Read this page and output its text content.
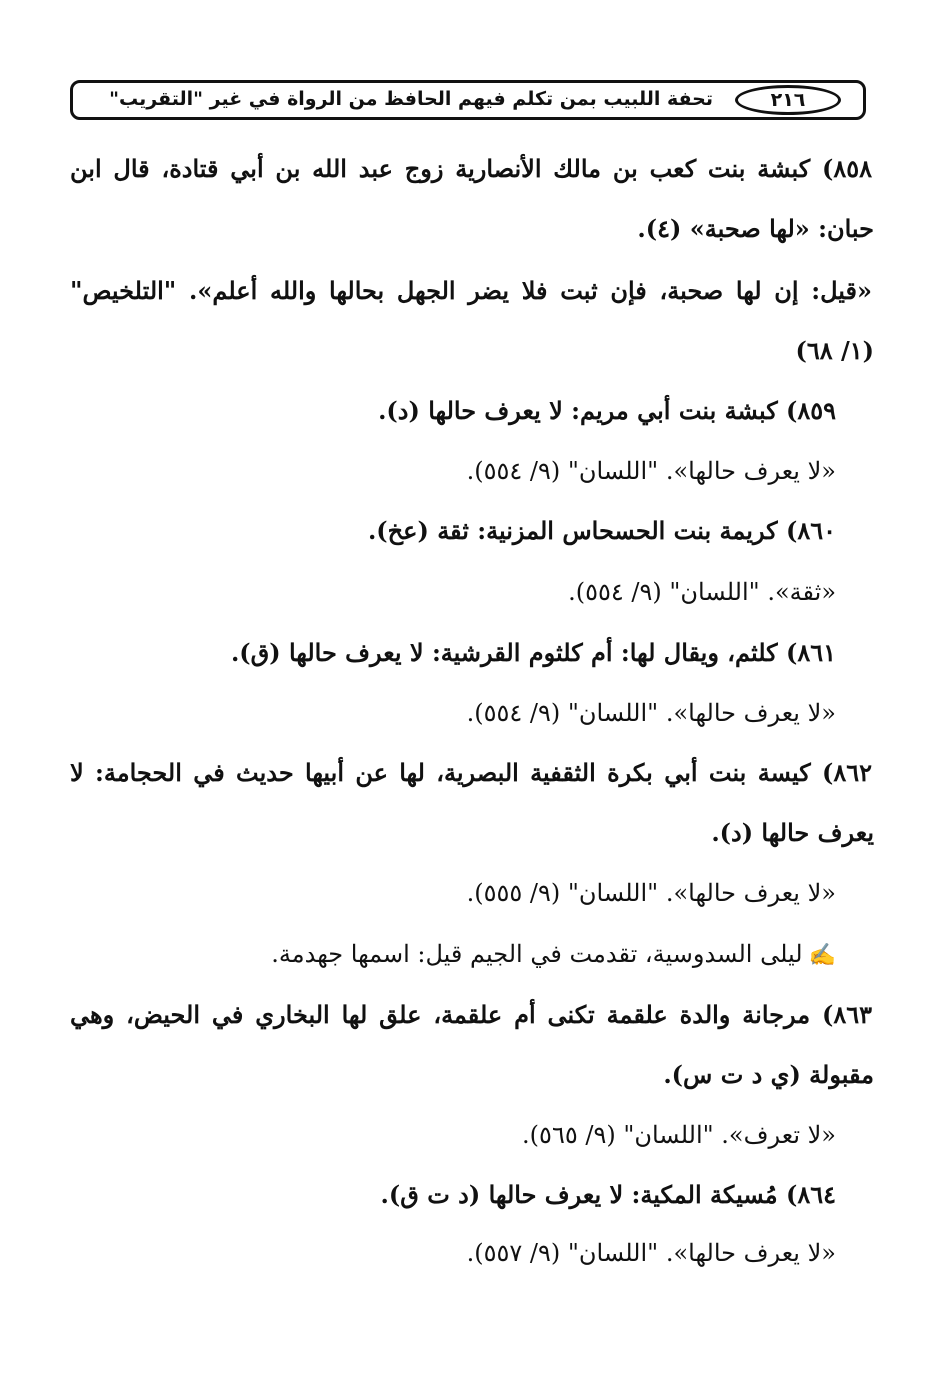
تحفة اللبيب بمن تكلم فيهم الحافظ من الرواة في غير "التقريب"	٢١٦
٨٥٨) كبشة بنت كعب بن مالك الأنصارية زوج عبد الله بن أبي قتادة، قال ابن
حبان: «لها صحبة» (٤).
«قيل: إن لها صحبة، فإن ثبت فلا يضر الجهل بحالها والله أعلم». "التلخيص"
(١/ ٦٨)
٨٥٩) كبشة بنت أبي مريم: لا يعرف حالها (د).
«لا يعرف حالها». "اللسان" (٩/ ٥٥٤).
٨٦٠) كريمة بنت الحسحاس المزنية: ثقة (عخ).
«ثقة». "اللسان" (٩/ ٥٥٤).
٨٦١) كلثم، ويقال لها: أم كلثوم القرشية: لا يعرف حالها (ق).
«لا يعرف حالها». "اللسان" (٩/ ٥٥٤).
٨٦٢) كيسة بنت أبي بكرة الثقفية البصرية، لها عن أبيها حديث في الحجامة: لا
يعرف حالها (د).
«لا يعرف حالها». "اللسان" (٩/ ٥٥٥).
✍ليلى السدوسية، تقدمت في الجيم قيل: اسمها جهدمة.
٨٦٣) مرجانة والدة علقمة تكنى أم علقمة، علق لها البخاري في الحيض، وهي
مقبولة (ي د ت س).
«لا تعرف». "اللسان" (٩/ ٥٦٥).
٨٦٤) مُسيكة المكية: لا يعرف حالها (د ت ق).
«لا يعرف حالها». "اللسان" (٩/ ٥٥٧).
